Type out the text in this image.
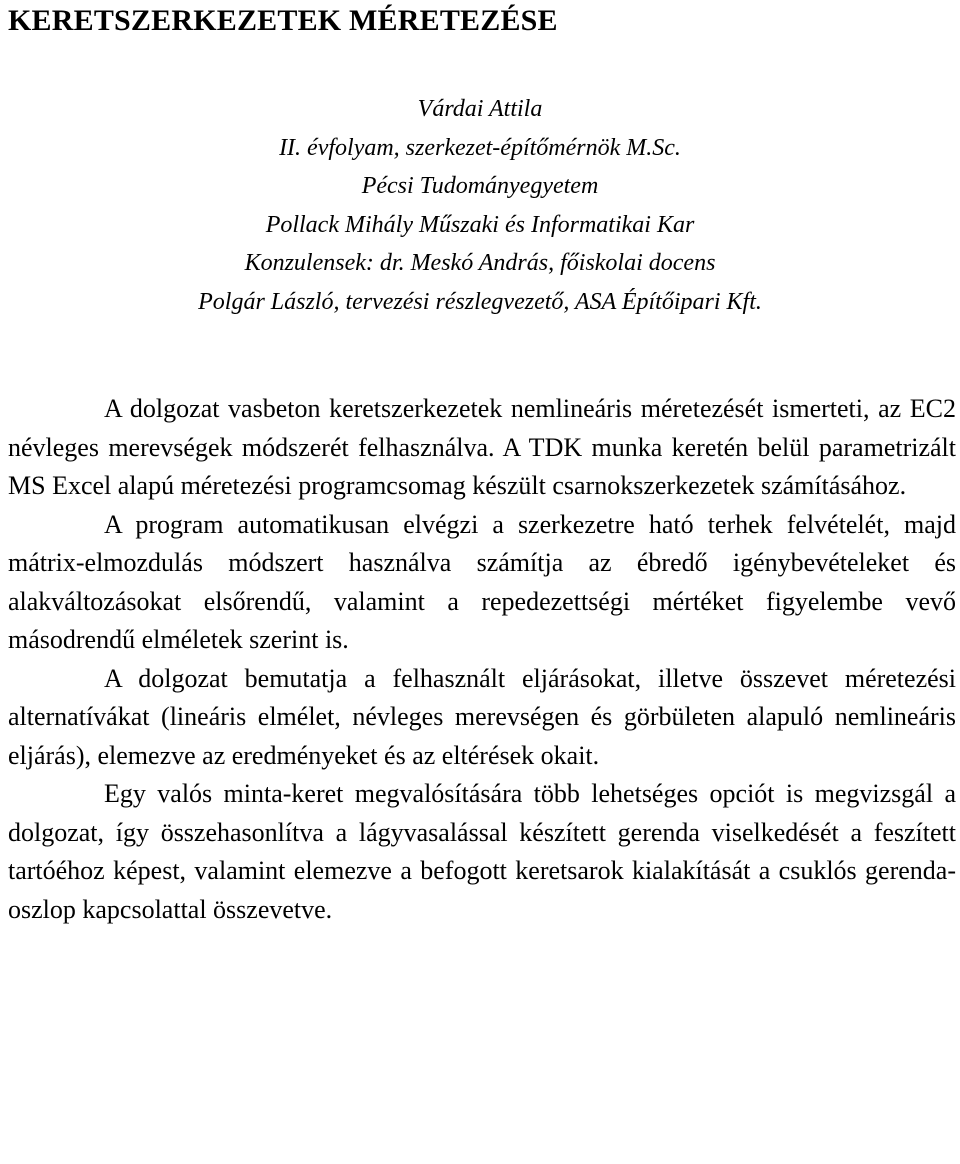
KERETSZERKEZETEK MÉRETEZÉSE
Várdai Attila
II. évfolyam, szerkezet-építőmérnök M.Sc.
Pécsi Tudományegyetem
Pollack Mihály Műszaki és Informatikai Kar
Konzulensek: dr. Meskó András, főiskolai docens
Polgár László, tervezési részlegvezető, ASA Építőipari Kft.

A dolgozat vasbeton keretszerkezetek nemlineáris méretezését ismerteti, az EC2 névleges merevségek módszerét felhasználva. A TDK munka keretén belül parametrizált MS Excel alapú méretezési programcsomag készült csarnokszerkezetek számításához.

A program automatikusan elvégzi a szerkezetre ható terhek felvételét, majd mátrix-elmozdulás módszert használva számítja az ébredő igénybevételeket és alakváltozásokat elsőrendű, valamint a repedezettségi mértéket figyelembe vevő másodrendű elméletek szerint is.

A dolgozat bemutatja a felhasznált eljárásokat, illetve összevet méretezési alternatívákat (lineáris elmélet, névleges merevségen és görbületen alapuló nemlineáris eljárás), elemezve az eredményeket és az eltérések okait.

Egy valós minta-keret megvalósítására több lehetséges opciót is megvizsgál a dolgozat, így összehasonlítva a lágyvasalással készített gerenda viselkedését a feszített tartóéhoz képest, valamint elemezve a befogott keretsarok kialakítását a csuklós gerenda-oszlop kapcsolattal összevetve.
